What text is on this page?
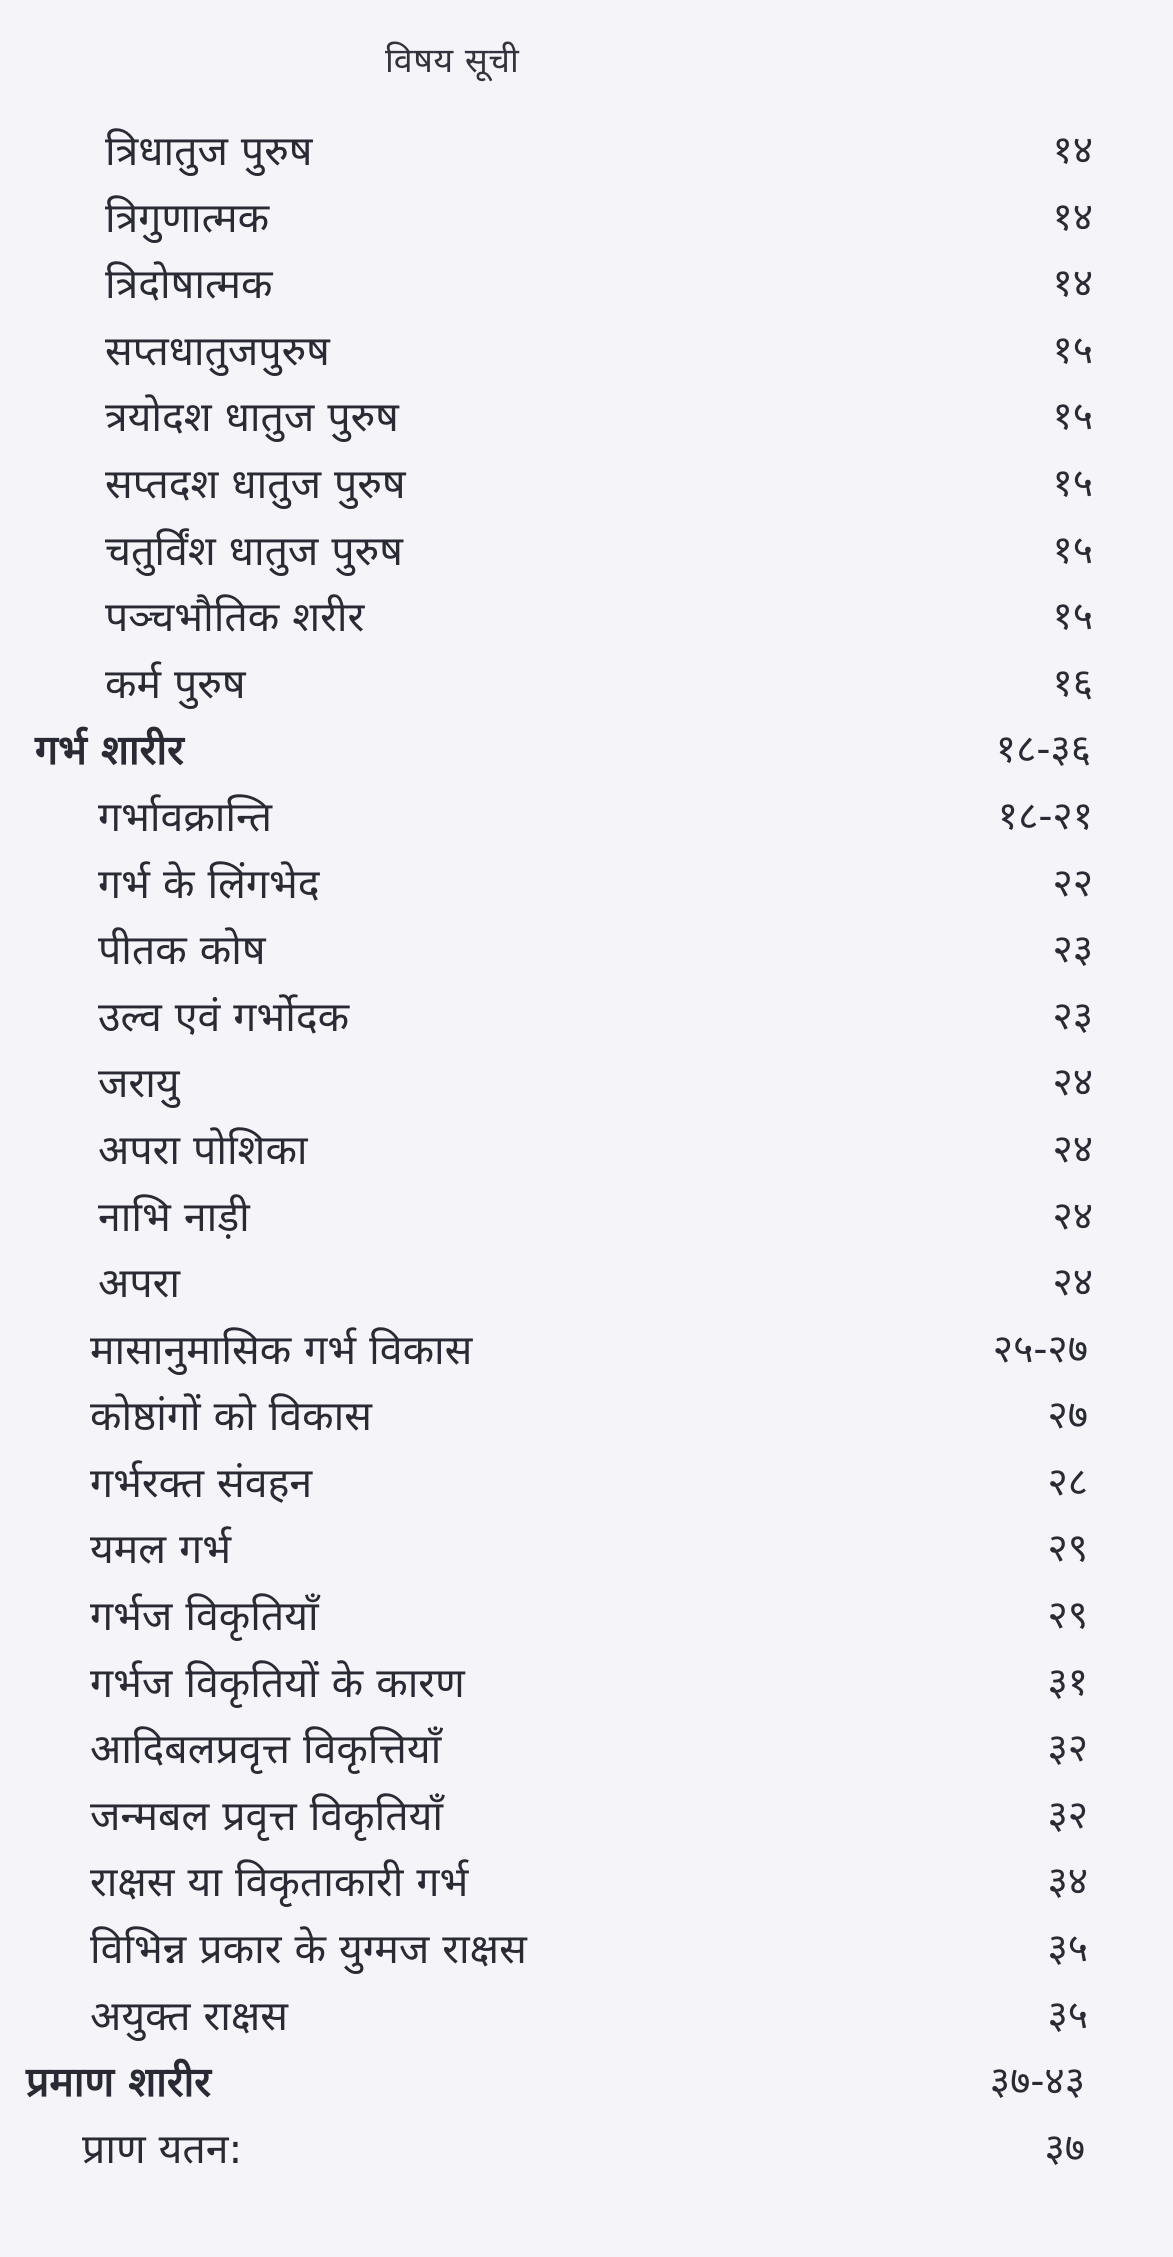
विषय सूची
त्रिधातुज पुरुष	१४
त्रिगुणात्मक	१४
त्रिदोषात्मक	१४
सप्तधातुजपुरुष	१५
त्रयोदश धातुज पुरुष	१५
सप्तदश धातुज पुरुष	१५
चतुर्विंश धातुज पुरुष	१५
पञ्चभौतिक शरीर	१५
कर्म पुरुष	१६
गर्भ शारीर	१८-३६
गर्भावक्रान्ति	१८-२१
गर्भ के लिंगभेद	२२
पीतक कोष	२३
उल्व एवं गर्भोदक	२३
जरायु	२४
अपरा पोशिका	२४
नाभि नाड़ी	२४
अपरा	२४
मासानुमासिक गर्भ विकास	२५-२७
कोष्ठांगों को विकास	२७
गर्भरक्त संवहन	२८
यमल गर्भ	२९
गर्भज विकृतियाँ	२९
गर्भज विकृतियों के कारण	३१
आदिबलप्रवृत्त विकृत्तियाँ	३२
जन्मबल प्रवृत्त विकृतियाँ	३२
राक्षस या विकृताकारी गर्भ	३४
विभिन्न प्रकार के युग्मज राक्षस	३५
अयुक्त राक्षस	३५
प्रमाण शारीर	३७-४३
प्राण यतन:	३७
